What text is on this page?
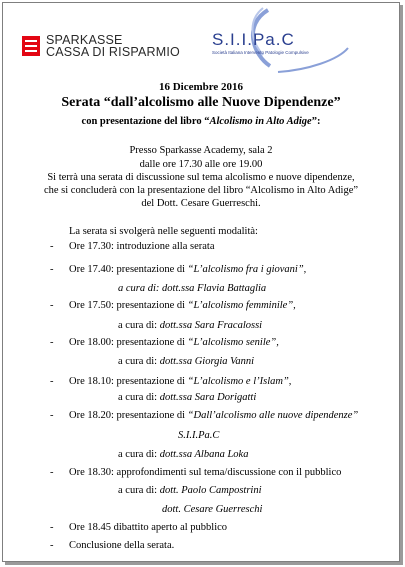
SPARKASSE
CASSA DI RISPARMIO
S.I.I.Pa.C
Società Italiana Intervento Patologie Compulsive
16 Dicembre 2016
Serata “dall’alcolismo alle Nuove Dipendenze”
con presentazione del libro “Alcolismo in Alto Adige”:
Presso Sparkasse Academy, sala 2
dalle ore 17.30 alle ore 19.00
Si terrà una serata di discussione sul tema alcolismo e nuove dipendenze,
che si concluderà con la presentazione del libro “Alcolismo in Alto Adige”
del Dott. Cesare Guerreschi.
La serata si svolgerà nelle seguenti modalità:
- Ore 17.30: introduzione alla serata
- Ore 17.40: presentazione di “L’alcolismo fra i giovani”,
a cura di: dott.ssa Flavia Battaglia
- Ore 17.50: presentazione di “L’alcolismo femminile”,
a cura di: dott.ssa Sara Fracalossi
- Ore 18.00: presentazione di “L’alcolismo senile”,
a cura di: dott.ssa Giorgia Vanni
- Ore 18.10: presentazione di “L’alcolismo e l’Islam”,
a cura di: dott.ssa Sara Dorigatti
- Ore 18.20: presentazione di “Dall’alcolismo alle nuove dipendenze”
S.I.I.Pa.C
a cura di: dott.ssa Albana Loka
- Ore 18.30: approfondimenti sul tema/discussione con il pubblico
a cura di: dott. Paolo Campostrini
dott. Cesare Guerreschi
- Ore 18.45 dibattito aperto al pubblico
- Conclusione della serata.
